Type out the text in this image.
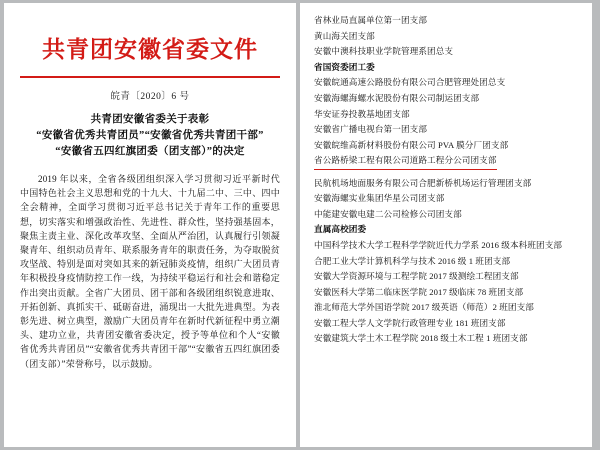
共青团安徽省委文件
皖青〔2020〕6 号
共青团安徽省委关于表彰
“安徽省优秀共青团员”“安徽省优秀共青团干部”
“安徽省五四红旗团委（团支部）”的决定

2019 年以来，全省各级团组织深入学习贯彻习近平新时代中国特色社会主义思想和党的十九大、十九届二中、三中、四中全会精神，全面学习贯彻习近平总书记关于青年工作的重要思想，切实落实和增强政治性、先进性、群众性，坚持强基固本，聚焦主责主业、深化改革攻坚、全面从严治团，认真履行引领凝聚青年、组织动员青年、联系服务青年的职责任务，为夺取脱贫攻坚战、特别是面对突如其来的新冠肺炎疫情，组织广大团员青年积极投身疫情防控工作一线，为持续平稳运行和社会和谐稳定作出突出贡献。全省广大团员、团干部和各级团组织锐意进取、开拓创新、真抓实干、砥砺奋进，涌现出一大批先进典型。为表彰先进、树立典型，激励广大团员青年在新时代新征程中勇立潮头、建功立业，共青团安徽省委决定，授予等单位和个人“安徽省优秀共青团员”“安徽省优秀共青团干部”“安徽省五四红旗团委（团支部）”荣誉称号，以示鼓励。

省林业局直属单位第一团支部
黄山海关团支部
安徽中澳科技职业学院管理系团总支
省国资委团工委
安徽皖通高速公路股份有限公司合肥管理处团总支
安徽海螺海螺水泥股份有限公司制运团支部
华安证券投教基地团支部
安徽省广播电视台第一团支部
安徽皖维高新材料股份有限公司 PVA 膜分厂团支部
省公路桥梁工程有限公司道路工程分公司团支部
民航机场地面服务有限公司合肥新桥机场运行管理团支部
安徽海螺实业集团华星公司团支部
中能建安徽电建二公司检修公司团支部
直属高校团委
中国科学技术大学工程科学学院近代力学系 2016 级本科班团支部
合肥工业大学计算机科学与技术 2016 级 1 班团支部
安徽大学资源环境与工程学院 2017 级测绘工程团支部
安徽医科大学第二临床医学院 2017 级临床 78 班团支部
淮北师范大学外国语学院 2017 级英语（师范）2 班团支部
安徽工程大学人文学院行政管理专业 181 班团支部
安徽建筑大学土木工程学院 2018 级土木工程 1 班团支部
